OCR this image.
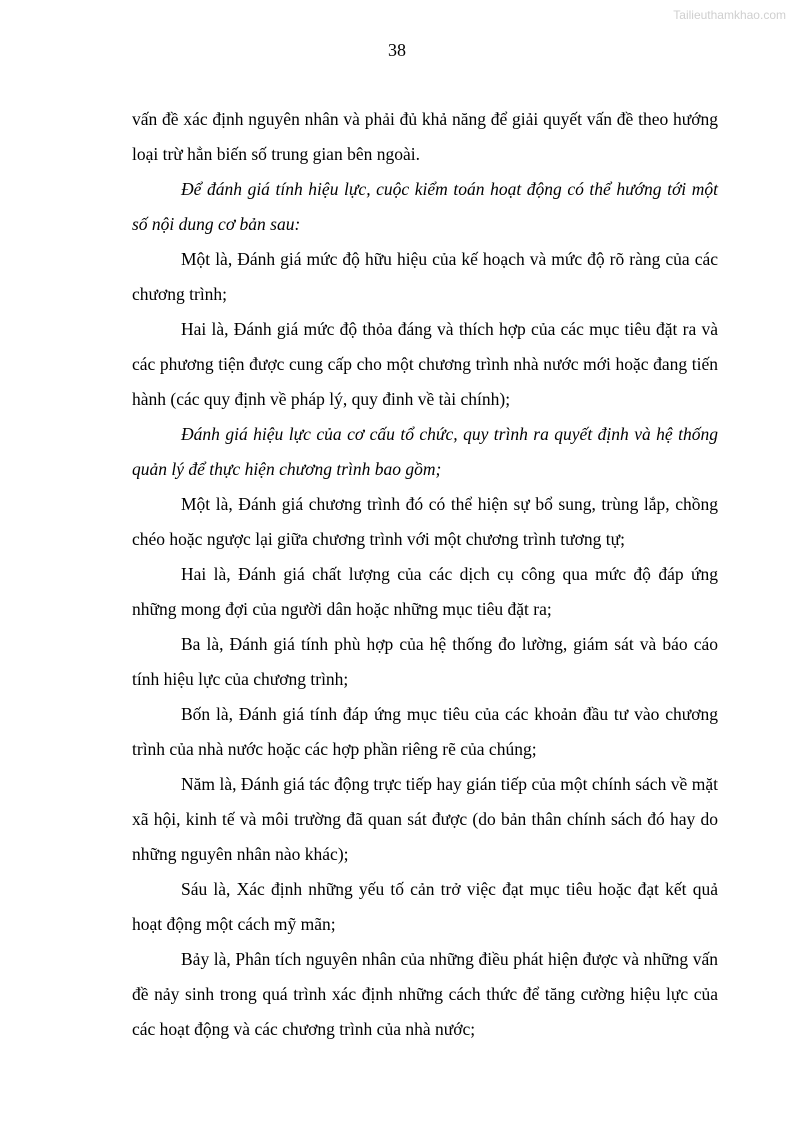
Tailieuthamkhao.com
38

vấn đề xác định nguyên nhân và phải đủ khả năng để giải quyết vấn đề theo hướng loại trừ hẳn biến số trung gian bên ngoài.

Để đánh giá tính hiệu lực, cuộc kiểm toán hoạt động có thể hướng tới một số nội dung cơ bản sau:

Một là, Đánh giá mức độ hữu hiệu của kế hoạch và mức độ rõ ràng của các chương trình;

Hai là, Đánh giá mức độ thỏa đáng và thích hợp của các mục tiêu đặt ra và các phương tiện được cung cấp cho một chương trình nhà nước mới hoặc đang tiến hành (các quy định về pháp lý, quy đinh về tài chính);

Đánh giá hiệu lực của cơ cấu tổ chức, quy trình ra quyết định và hệ thống quản lý để thực hiện chương trình bao gồm;

Một là, Đánh giá chương trình đó có thể hiện sự bổ sung, trùng lắp, chồng chéo hoặc ngược lại giữa chương trình với một chương trình tương tự;

Hai là, Đánh giá chất lượng của các dịch cụ công qua mức độ đáp ứng những mong đợi của người dân hoặc những mục tiêu đặt ra;

Ba là, Đánh giá tính phù hợp của hệ thống đo lường, giám sát và báo cáo tính hiệu lực của chương trình;

Bốn là, Đánh giá tính đáp ứng mục tiêu của các khoản đầu tư vào chương trình của nhà nước hoặc các hợp phần riêng rẽ của chúng;

Năm là, Đánh giá tác động trực tiếp hay gián tiếp của một chính sách về mặt xã hội, kinh tế và môi trường đã quan sát được (do bản thân chính sách đó hay do những nguyên nhân nào khác);

Sáu là, Xác định những yếu tố cản trở việc đạt mục tiêu hoặc đạt kết quả hoạt động một cách mỹ mãn;

Bảy là, Phân tích nguyên nhân của những điều phát hiện được và những vấn đề nảy sinh trong quá trình xác định những cách thức để tăng cường hiệu lực của các hoạt động và các chương trình của nhà nước;
